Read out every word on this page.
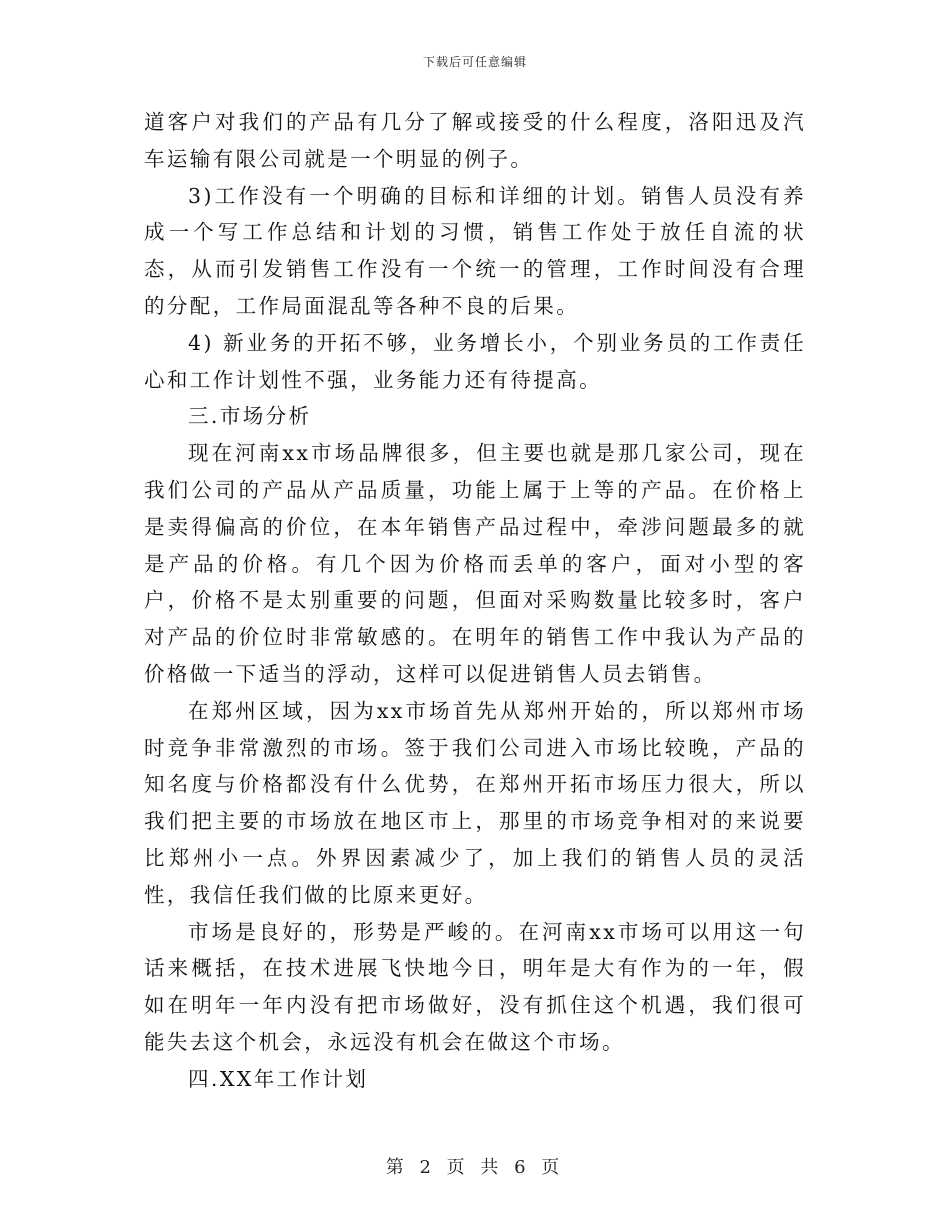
下载后可任意编辑

道客户对我们的产品有几分了解或接受的什么程度，洛阳迅及汽车运输有限公司就是一个明显的例子。

3)工作没有一个明确的目标和详细的计划。销售人员没有养成一个写工作总结和计划的习惯，销售工作处于放任自流的状态，从而引发销售工作没有一个统一的管理，工作时间没有合理的分配，工作局面混乱等各种不良的后果。

4) 新业务的开拓不够，业务增长小，个别业务员的工作责任心和工作计划性不强，业务能力还有待提高。

三.市场分析

现在河南xx市场品牌很多，但主要也就是那几家公司，现在我们公司的产品从产品质量，功能上属于上等的产品。在价格上是卖得偏高的价位，在本年销售产品过程中，牵涉问题最多的就是产品的价格。有几个因为价格而丢单的客户，面对小型的客户，价格不是太别重要的问题，但面对采购数量比较多时，客户对产品的价位时非常敏感的。在明年的销售工作中我认为产品的价格做一下适当的浮动，这样可以促进销售人员去销售。

在郑州区域，因为xx市场首先从郑州开始的，所以郑州市场时竞争非常激烈的市场。签于我们公司进入市场比较晚，产品的知名度与价格都没有什么优势，在郑州开拓市场压力很大，所以我们把主要的市场放在地区市上，那里的市场竞争相对的来说要比郑州小一点。外界因素减少了，加上我们的销售人员的灵活性，我信任我们做的比原来更好。

市场是良好的，形势是严峻的。在河南xx市场可以用这一句话来概括，在技术进展飞快地今日，明年是大有作为的一年，假如在明年一年内没有把市场做好，没有抓住这个机遇，我们很可能失去这个机会，永远没有机会在做这个市场。

四.XX年工作计划

第 2 页 共 6 页
